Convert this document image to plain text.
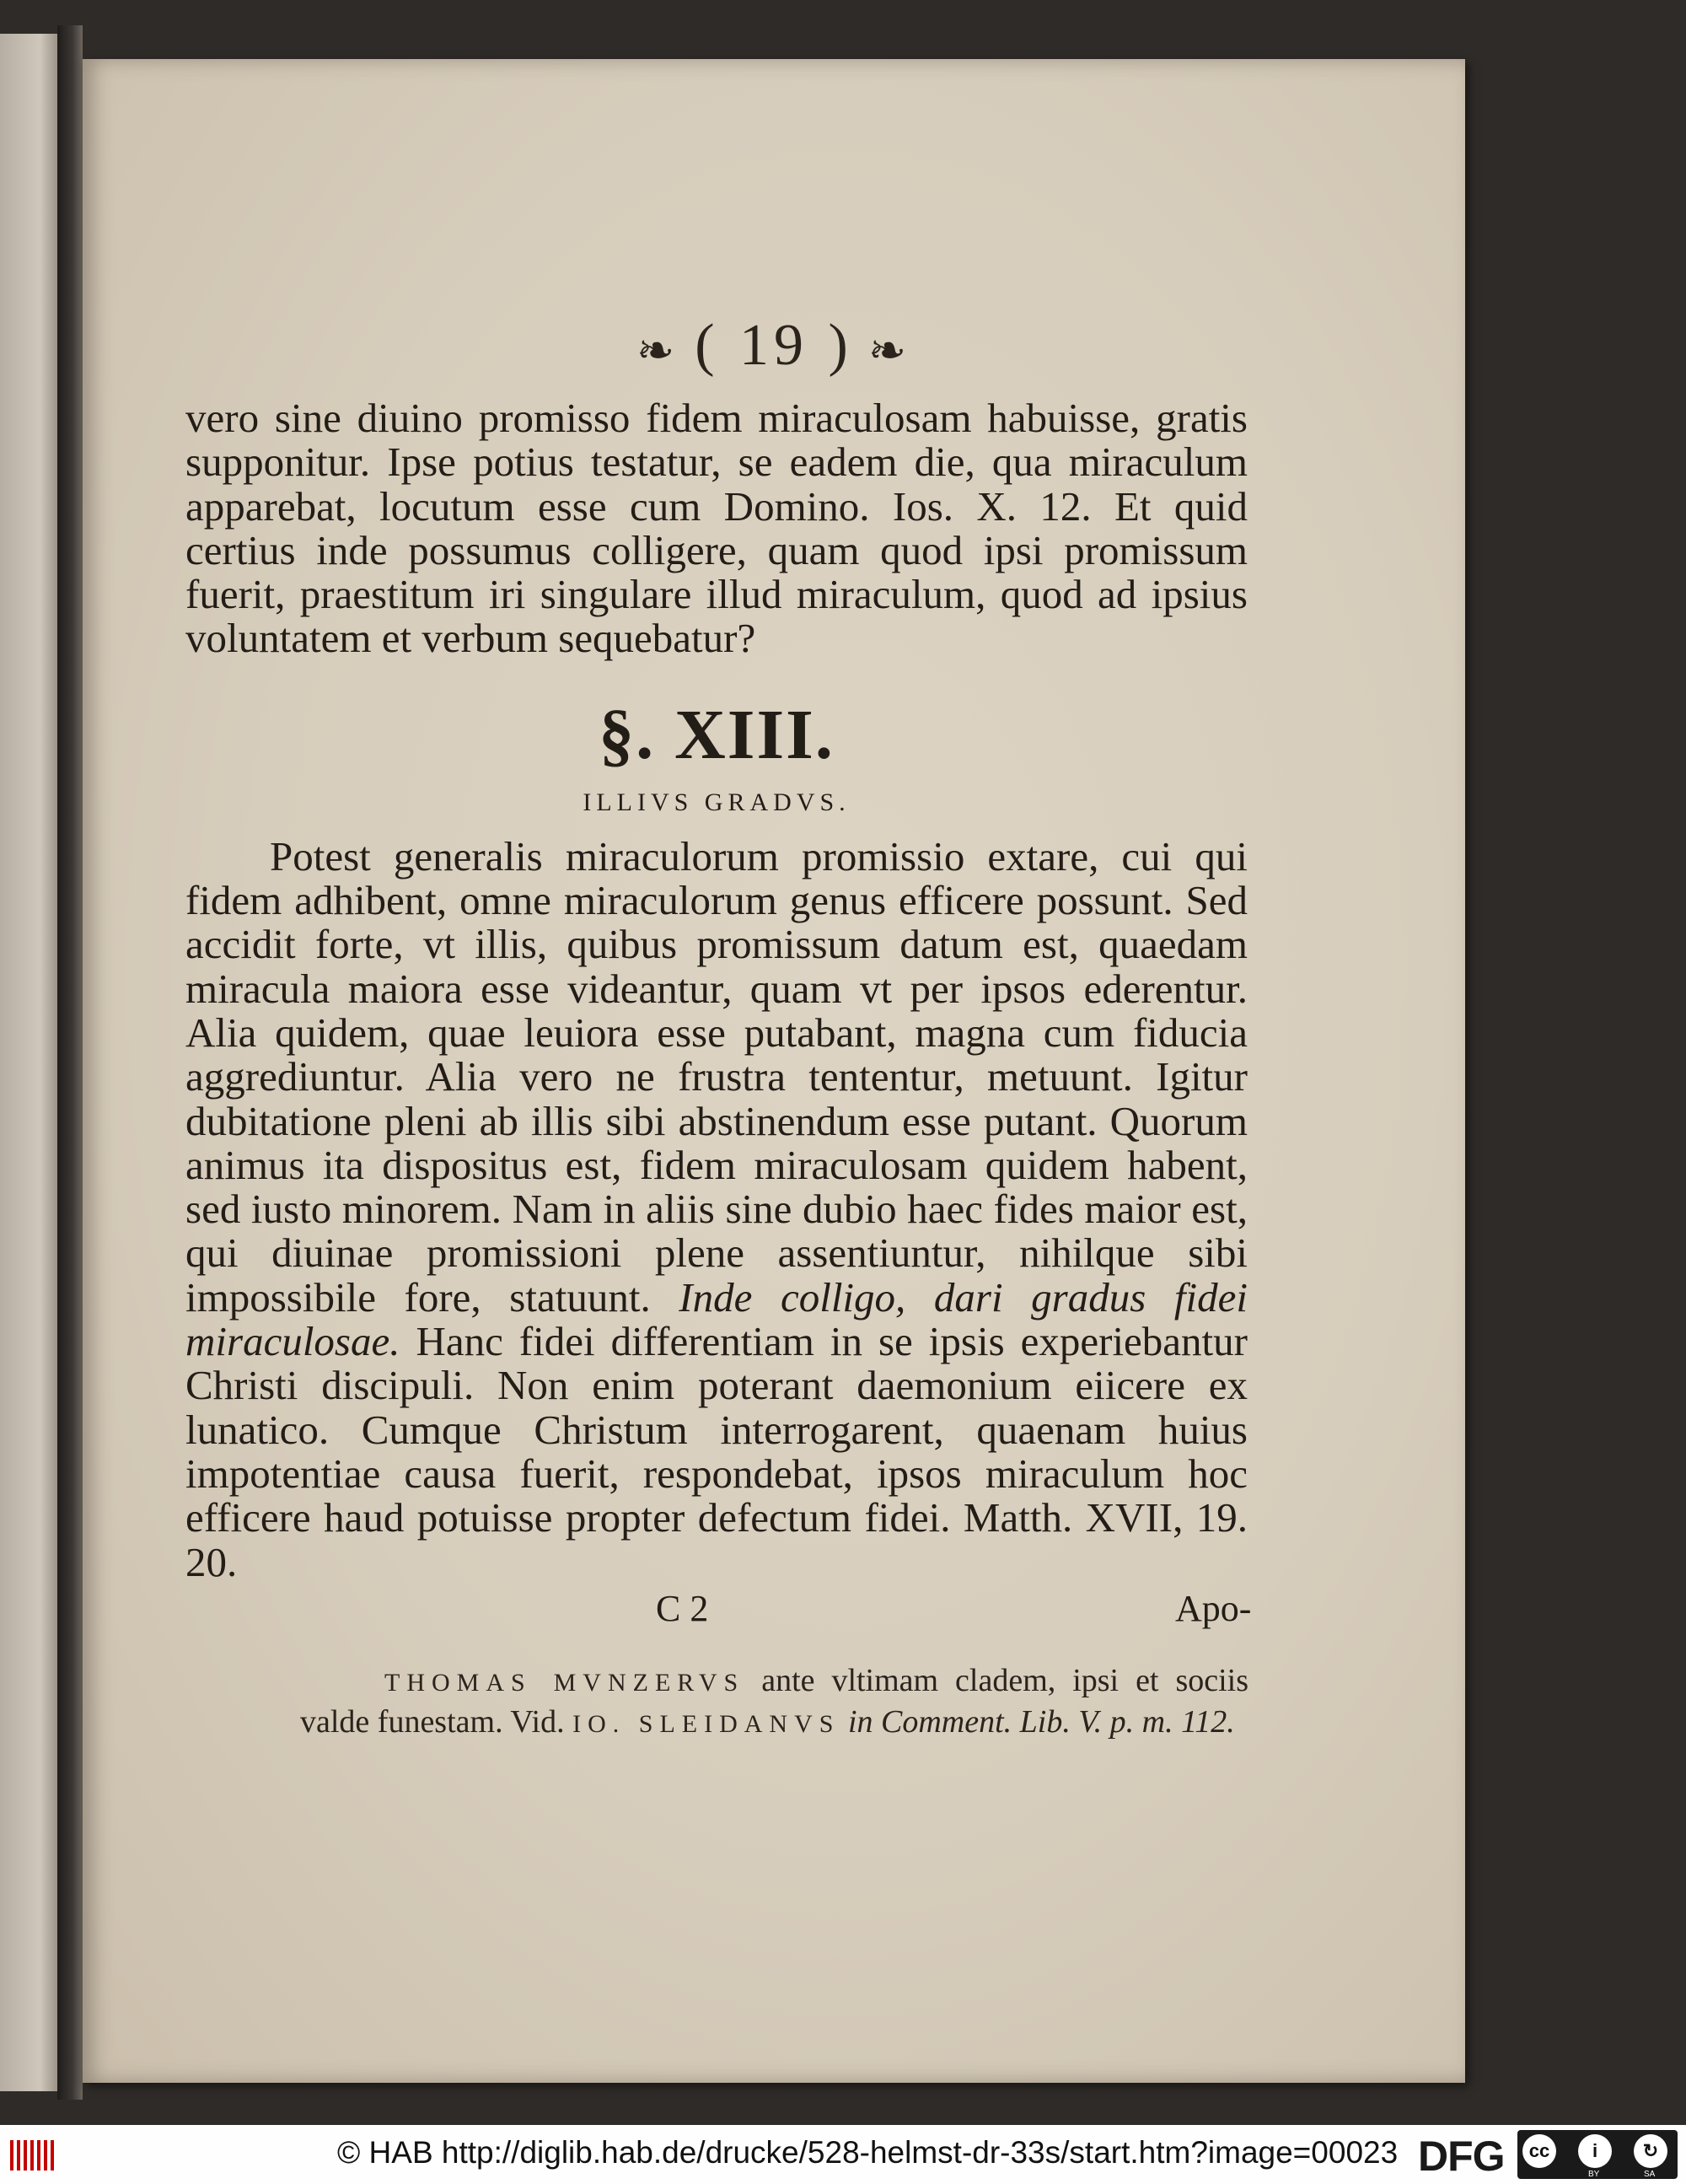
❧ ( 19 ) ❧

vero sine diuino promisso fidem miraculosam habuisse, gratis supponitur. Ipse potius testatur, se eadem die, qua miraculum apparebat, locutum esse cum Domino. Ios. X. 12. Et quid certius inde possumus colligere, quam quod ipsi promissum fuerit, praestitum iri singulare illud miraculum, quod ad ipsius voluntatem et verbum sequebatur?

§. XIII.
ILLIVS GRADVS.

Potest generalis miraculorum promissio extare, cui qui fidem adhibent, omne miraculorum genus efficere possunt. Sed accidit forte, vt illis, quibus promissum datum est, quaedam miracula maiora esse videantur, quam vt per ipsos ederentur. Alia quidem, quae leuiora esse putabant, magna cum fiducia aggrediuntur. Alia vero ne frustra tententur, metuunt. Igitur dubitatione pleni ab illis sibi abstinendum esse putant. Quorum animus ita dispositus est, fidem miraculosam quidem habent, sed iusto minorem. Nam in aliis sine dubio haec fides maior est, qui diuinae promissioni plene assentiuntur, nihilque sibi impossibile fore, statuunt. Inde colligo, dari gradus fidei miraculosae. Hanc fidei differentiam in se ipsis experiebantur Christi discipuli. Non enim poterant daemonium eiicere ex lunatico. Cumque Christum interrogarent, quaenam huius impotentiae causa fuerit, respondebat, ipsos miraculum hoc efficere haud potuisse propter defectum fidei. Matth. XVII, 19. 20.

C 2	Apo-
THOMAS MVNZERVS ante vltimam cladem, ipsi et sociis valde funestam. Vid. IO. SLEIDANVS in Comment. Lib. V. p. m. 112.
© HAB http://diglib.hab.de/drucke/528-helmst-dr-33s/start.htm?image=00023 DFG	cc	i	↻
BY	SA
